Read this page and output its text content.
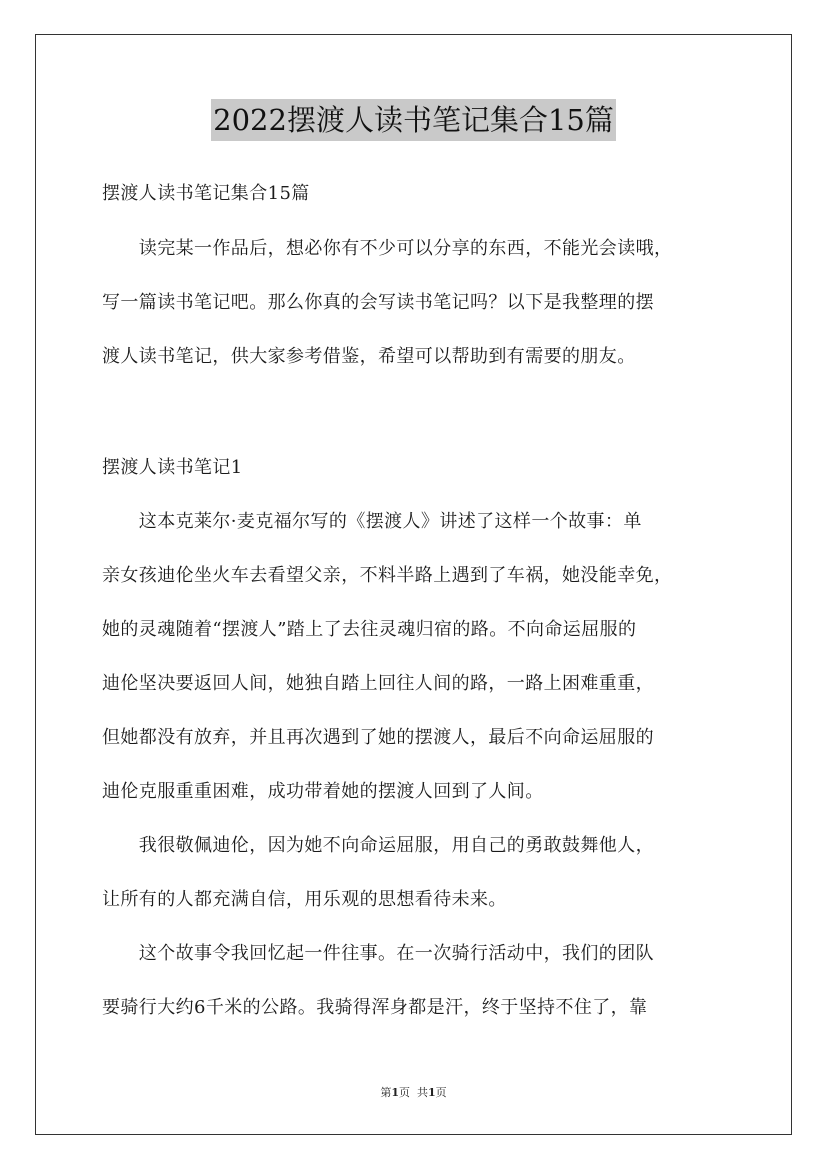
2022摆渡人读书笔记集合15篇
摆渡人读书笔记集合15篇
　　读完某一作品后，想必你有不少可以分享的东西，不能光会读哦，
写一篇读书笔记吧。那么你真的会写读书笔记吗？以下是我整理的摆
渡人读书笔记，供大家参考借鉴，希望可以帮助到有需要的朋友。
摆渡人读书笔记1
　　这本克莱尔·麦克福尔写的《摆渡人》讲述了这样一个故事：单
亲女孩迪伦坐火车去看望父亲，不料半路上遇到了车祸，她没能幸免，
她的灵魂随着“摆渡人”踏上了去往灵魂归宿的路。不向命运屈服的
迪伦坚决要返回人间，她独自踏上回往人间的路，一路上困难重重，
但她都没有放弃，并且再次遇到了她的摆渡人，最后不向命运屈服的
迪伦克服重重困难，成功带着她的摆渡人回到了人间。
　　我很敬佩迪伦，因为她不向命运屈服，用自己的勇敢鼓舞他人，
让所有的人都充满自信，用乐观的思想看待未来。
　　这个故事令我回忆起一件往事。在一次骑行活动中，我们的团队
要骑行大约6千米的公路。我骑得浑身都是汗，终于坚持不住了，靠
第1页 共1页
